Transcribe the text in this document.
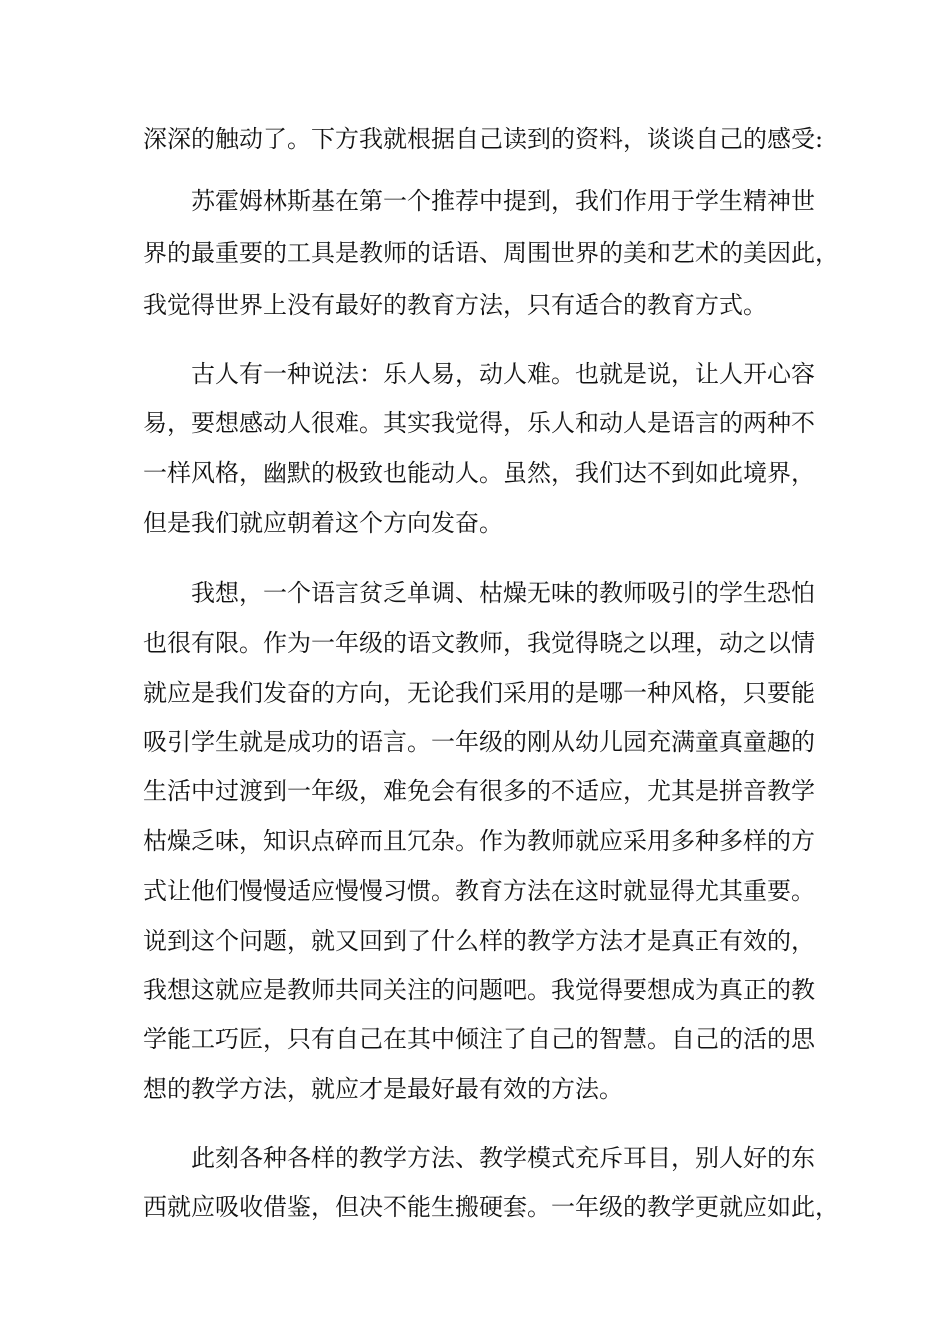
深深的触动了。下方我就根据自己读到的资料，谈谈自己的感受:

苏霍姆林斯基在第一个推荐中提到，我们作用于学生精神世

界的最重要的工具是教师的话语、周围世界的美和艺术的美因此，

我觉得世界上没有最好的教育方法，只有适合的教育方式。

古人有一种说法：乐人易，动人难。也就是说，让人开心容

易，要想感动人很难。其实我觉得，乐人和动人是语言的两种不

一样风格，幽默的极致也能动人。虽然，我们达不到如此境界，

但是我们就应朝着这个方向发奋。

我想，一个语言贫乏单调、枯燥无味的教师吸引的学生恐怕

也很有限。作为一年级的语文教师，我觉得晓之以理，动之以情

就应是我们发奋的方向，无论我们采用的是哪一种风格，只要能

吸引学生就是成功的语言。一年级的刚从幼儿园充满童真童趣的

生活中过渡到一年级，难免会有很多的不适应，尤其是拼音教学

枯燥乏味，知识点碎而且冗杂。作为教师就应采用多种多样的方

式让他们慢慢适应慢慢习惯。教育方法在这时就显得尤其重要。

说到这个问题，就又回到了什么样的教学方法才是真正有效的，

我想这就应是教师共同关注的问题吧。我觉得要想成为真正的教

学能工巧匠，只有自己在其中倾注了自己的智慧。自己的活的思

想的教学方法，就应才是最好最有效的方法。

此刻各种各样的教学方法、教学模式充斥耳目，别人好的东

西就应吸收借鉴，但决不能生搬硬套。一年级的教学更就应如此，
